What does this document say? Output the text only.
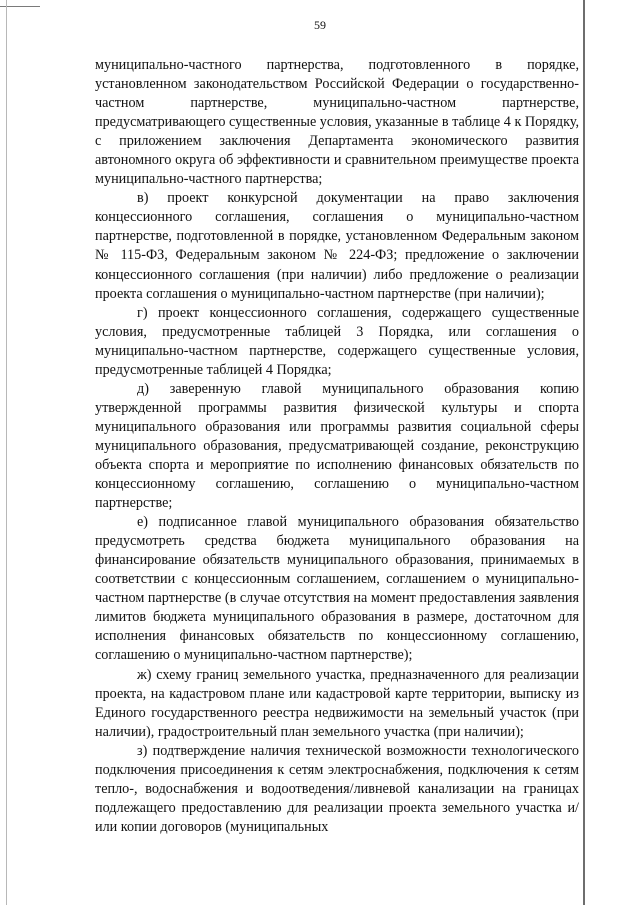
59

муниципально-частного партнерства, подготовленного в порядке, установленном законодательством Российской Федерации о государственно-частном партнерстве, муниципально-частном партнерстве, предусматривающего существенные условия, указанные в таблице 4 к Порядку, с приложением заключения Департамента экономического развития автономного округа об эффективности и сравнительном преимуществе проекта муниципально-частного партнерства;

в) проект конкурсной документации на право заключения концессионного соглашения, соглашения о муниципально-частном партнерстве, подготовленной в порядке, установленном Федеральным законом № 115-ФЗ, Федеральным законом № 224-ФЗ; предложение о заключении концессионного соглашения (при наличии) либо предложение о реализации проекта соглашения о муниципально-частном партнерстве (при наличии);

г) проект концессионного соглашения, содержащего существенные условия, предусмотренные таблицей 3 Порядка, или соглашения о муниципально-частном партнерстве, содержащего существенные условия, предусмотренные таблицей 4 Порядка;

д) заверенную главой муниципального образования копию утвержденной программы развития физической культуры и спорта муниципального образования или программы развития социальной сферы муниципального образования, предусматривающей создание, реконструкцию объекта спорта и мероприятие по исполнению финансовых обязательств по концессионному соглашению, соглашению о муниципально-частном партнерстве;

е) подписанное главой муниципального образования обязательство предусмотреть средства бюджета муниципального образования на финансирование обязательств муниципального образования, принимаемых в соответствии с концессионным соглашением, соглашением о муниципально-частном партнерстве (в случае отсутствия на момент предоставления заявления лимитов бюджета муниципального образования в размере, достаточном для исполнения финансовых обязательств по концессионному соглашению, соглашению о муниципально-частном партнерстве);

ж) схему границ земельного участка, предназначенного для реализации проекта, на кадастровом плане или кадастровой карте территории, выписку из Единого государственного реестра недвижимости на земельный участок (при наличии), градостроительный план земельного участка (при наличии);

з) подтверждение наличия технической возможности технологического подключения присоединения к сетям электроснабжения, подключения к сетям тепло-, водоснабжения и водоотведения/ливневой канализации на границах подлежащего предоставлению для реализации проекта земельного участка и/или копии договоров (муниципальных
